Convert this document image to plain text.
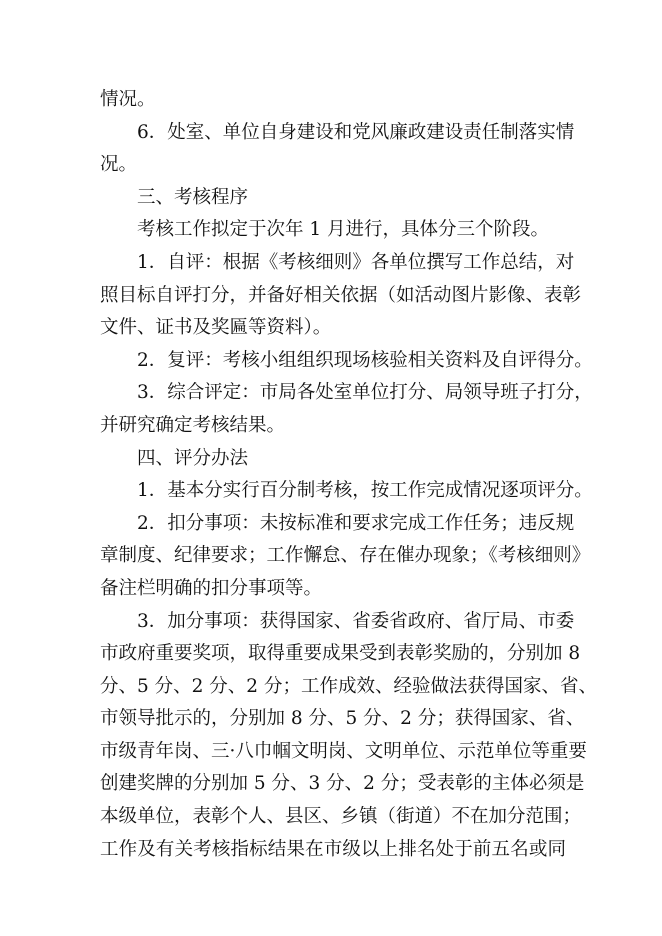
情况。
6．处室、单位自身建设和党风廉政建设责任制落实情
况。
三、考核程序
考核工作拟定于次年 1 月进行，具体分三个阶段。
1．自评：根据《考核细则》各单位撰写工作总结，对
照目标自评打分，并备好相关依据（如活动图片影像、表彰
文件、证书及奖匾等资料）。
2．复评：考核小组组织现场核验相关资料及自评得分。
3．综合评定：市局各处室单位打分、局领导班子打分，
并研究确定考核结果。
四、评分办法
1．基本分实行百分制考核，按工作完成情况逐项评分。
2．扣分事项：未按标准和要求完成工作任务；违反规
章制度、纪律要求；工作懈怠、存在催办现象；《考核细则》
备注栏明确的扣分事项等。
3．加分事项：获得国家、省委省政府、省厅局、市委
市政府重要奖项，取得重要成果受到表彰奖励的，分别加 8
分、5 分、2 分、2 分；工作成效、经验做法获得国家、省、
市领导批示的，分别加 8 分、5 分、2 分；获得国家、省、
市级青年岗、三·八巾帼文明岗、文明单位、示范单位等重要
创建奖牌的分别加 5 分、3 分、2 分；受表彰的主体必须是
本级单位，表彰个人、县区、乡镇（街道）不在加分范围；
工作及有关考核指标结果在市级以上排名处于前五名或同
